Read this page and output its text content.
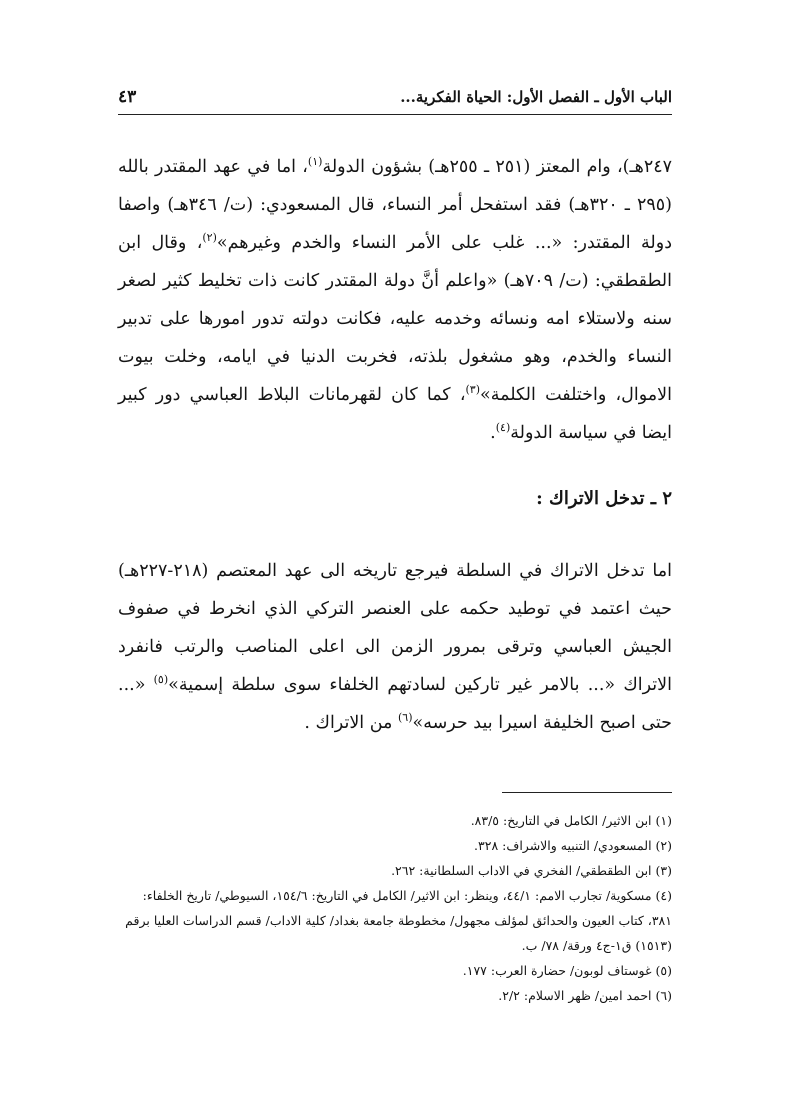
الباب الأول ـ الفصل الأول: الحياة الفكرية...
٤٣

٢٤٧هـ)، وام المعتز (٢٥١ ـ ٢٥٥هـ) بشؤون الدولة$^{(١)}$، اما في عهد المقتدر بالله (٢٩٥ ـ ٣٢٠هـ) فقد استفحل أمر النساء، قال المسعودي: (ت/ ٣٤٦هـ) واصفا دولة المقتدر: «... غلب على الأمر النساء والخدم وغيرهم»$^{(٢)}$، وقال ابن الطقطقي: (ت/ ٧٠٩هـ) «واعلم أنَّ دولة المقتدر كانت ذات تخليط كثير لصغر سنه ولاستلاء امه ونسائه وخدمه عليه، فكانت دولته تدور امورها على تدبير النساء والخدم، وهو مشغول بلذته، فخربت الدنيا في ايامه، وخلت بيوت الاموال، واختلفت الكلمة»$^{(٣)}$، كما كان لقهرمانات البلاط العباسي دور كبير ايضا في سياسة الدولة$^{(٤)}$.

٢ ـ تدخل الاتراك :

اما تدخل الاتراك في السلطة فيرجع تاريخه الى عهد المعتصم (٢١٨-٢٢٧هـ) حيث اعتمد في توطيد حكمه على العنصر التركي الذي انخرط في صفوف الجيش العباسي وترقى بمرور الزمن الى اعلى المناصب والرتب فانفرد الاتراك «... بالامر غير تاركين لسادتهم الخلفاء سوى سلطة إسمية»$^{(٥)}$ «... حتى اصبح الخليفة اسيرا بيد حرسه»$^{(٦)}$ من الاتراك .

(١) ابن الاثير/ الكامل في التاريخ: ٨٣/٥.
(٢) المسعودي/ التنبيه والاشراف: ٣٢٨.
(٣) ابن الطقطقي/ الفخري في الاداب السلطانية: ٢٦٢.
(٤) مسكوية/ تجارب الامم: ٤٤/١، وينظر: ابن الاثير/ الكامل في التاريخ: ١٥٤/٦، السيوطي/ تاريخ الخلفاء: ٣٨١، كتاب العيون والحدائق لمؤلف مجهول/ مخطوطة جامعة بغداد/ كلية الاداب/ قسم الدراسات العليا برقم (١٥١٣) ق١-ج٤ ورقة/ ٧٨/ ب.
(٥) غوستاف لوبون/ حضارة العرب: ١٧٧.
(٦) احمد امين/ ظهر الاسلام: ٢/٢.
